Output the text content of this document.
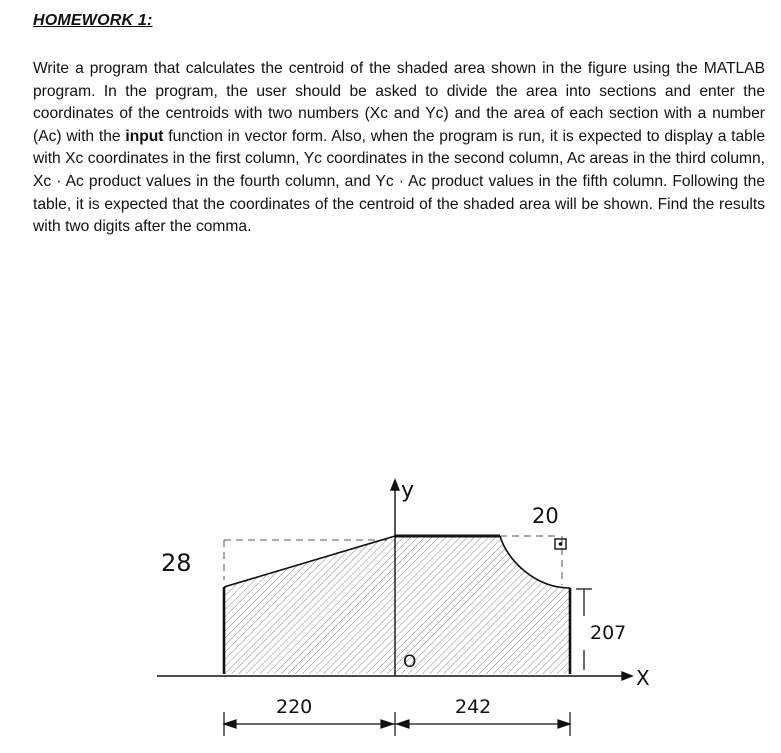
HOMEWORK 1:
Write a program that calculates the centroid of the shaded area shown in the figure using the MATLAB program. In the program, the user should be asked to divide the area into sections and enter the coordinates of the centroids with two numbers (Xc and Yc) and the area of each section with a number (Ac) with the input function in vector form. Also, when the program is run, it is expected to display a table with Xc coordinates in the first column, Yc coordinates in the second column, Ac areas in the third column, Xc · Ac product values in the fourth column, and Yc · Ac product values in the fifth column. Following the table, it is expected that the coordinates of the centroid of the shaded area will be shown. Find the results with two digits after the comma.
y
X
O
28
207
20
220	242
